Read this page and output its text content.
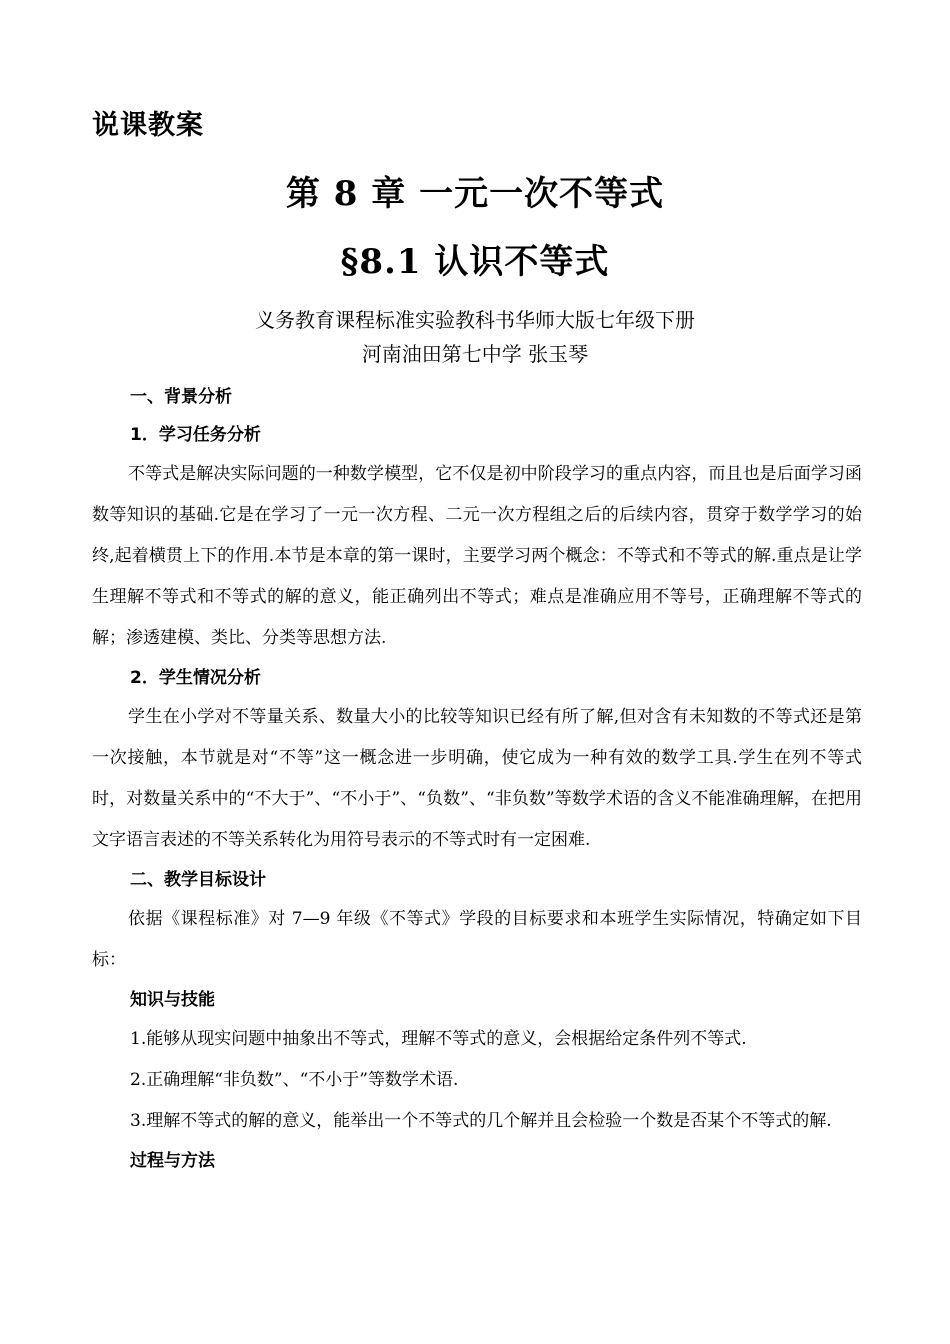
说课教案
第 8 章 一元一次不等式
§8.1 认识不等式
义务教育课程标准实验教科书华师大版七年级下册
河南油田第七中学 张玉琴
一、背景分析
1．学习任务分析

不等式是解决实际问题的一种数学模型，它不仅是初中阶段学习的重点内容，而且也是后面学习函数等知识的基础.它是在学习了一元一次方程、二元一次方程组之后的后续内容，贯穿于数学学习的始终,起着横贯上下的作用.本节是本章的第一课时，主要学习两个概念：不等式和不等式的解.重点是让学生理解不等式和不等式的解的意义，能正确列出不等式；难点是准确应用不等号，正确理解不等式的解；渗透建模、类比、分类等思想方法.

2．学生情况分析

学生在小学对不等量关系、数量大小的比较等知识已经有所了解,但对含有未知数的不等式还是第一次接触，本节就是对“不等”这一概念进一步明确，使它成为一种有效的数学工具.学生在列不等式时，对数量关系中的“不大于”、“不小于”、“负数”、“非负数”等数学术语的含义不能准确理解，在把用文字语言表述的不等关系转化为用符号表示的不等式时有一定困难.

二、教学目标设计

依据《课程标准》对 7—9 年级《不等式》学段的目标要求和本班学生实际情况，特确定如下目标：

知识与技能

1.能够从现实问题中抽象出不等式，理解不等式的意义，会根据给定条件列不等式.

2.正确理解“非负数”、“不小于”等数学术语.

3.理解不等式的解的意义，能举出一个不等式的几个解并且会检验一个数是否某个不等式的解.

过程与方法
